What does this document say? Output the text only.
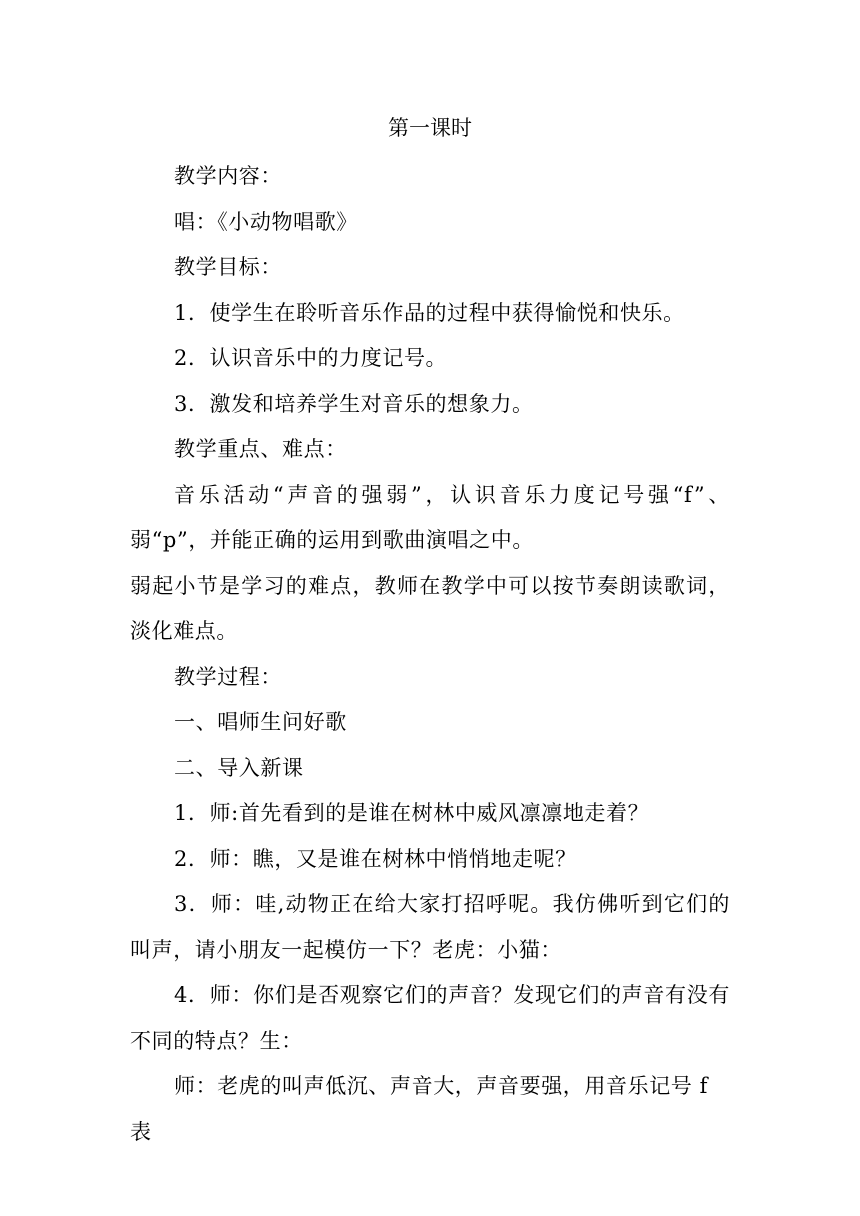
第一课时

教学内容：

唱：《小动物唱歌》

教学目标：

1．使学生在聆听音乐作品的过程中获得愉悦和快乐。

2．认识音乐中的力度记号。

3．激发和培养学生对音乐的想象力。

教学重点、难点：

音乐活动“声音的强弱”，认识音乐力度记号强“f”、弱“p”，并能正确的运用到歌曲演唱之中。

弱起小节是学习的难点，教师在教学中可以按节奏朗读歌词，淡化难点。

教学过程：

一、唱师生问好歌

二、导入新课

1．师:首先看到的是谁在树林中威风凛凛地走着？

2．师：瞧，又是谁在树林中悄悄地走呢？

3．师：哇,动物正在给大家打招呼呢。我仿佛听到它们的叫声，请小朋友一起模仿一下？老虎：小猫：

4．师：你们是否观察它们的声音？发现它们的声音有没有不同的特点？生：

师：老虎的叫声低沉、声音大，声音要强，用音乐记号 f 表
